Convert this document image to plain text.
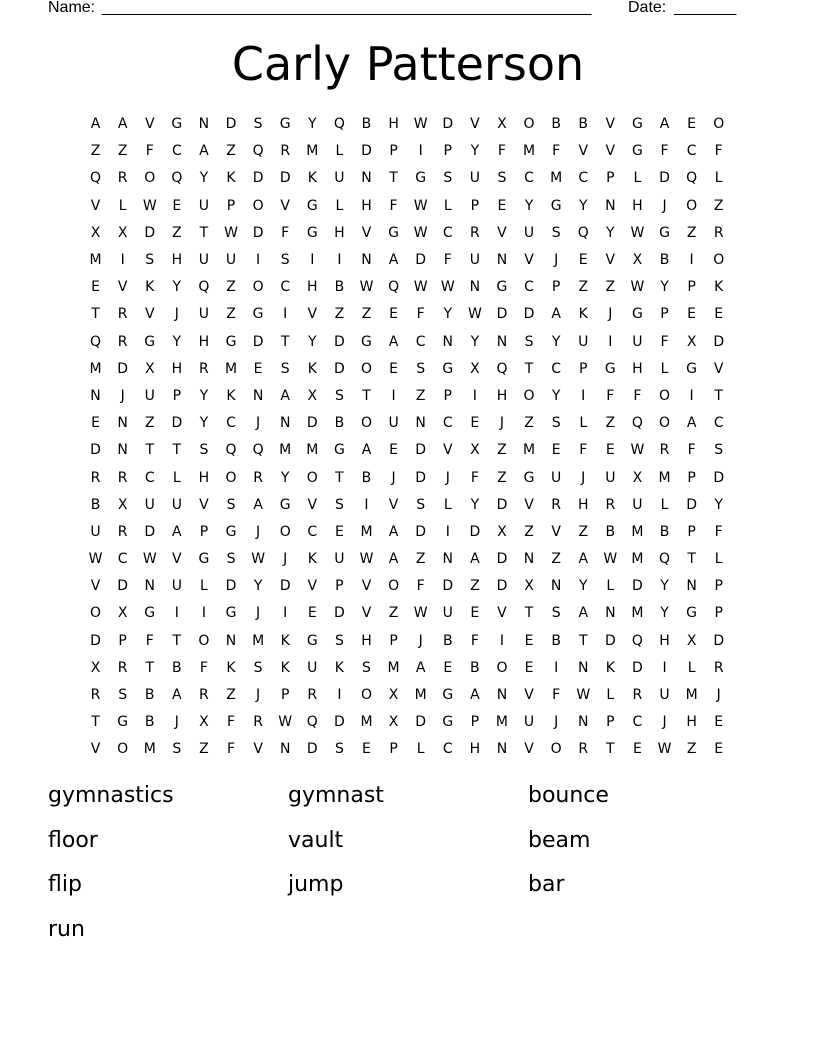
Name: _______________________________________________________ Date: _______
Carly Patterson
A	A	V	G	N	D	S	G	Y	Q	B	H	W	D	V	X	O	B	B	V	G	A	E	O
Z	Z	F	C	A	Z	Q	R	M	L	D	P	I	P	Y	F	M	F	V	V	G	F	C	F
Q	R	O	Q	Y	K	D	D	K	U	N	T	G	S	U	S	C	M	C	P	L	D	Q	L
V	L	W	E	U	P	O	V	G	L	H	F	W	L	P	E	Y	G	Y	N	H	J	O	Z
X	X	D	Z	T	W	D	F	G	H	V	G	W	C	R	V	U	S	Q	Y	W	G	Z	R
M	I	S	H	U	U	I	S	I	I	N	A	D	F	U	N	V	J	E	V	X	B	I	O
E	V	K	Y	Q	Z	O	C	H	B	W	Q	W W	N	G	C	P	Z	Z	W	Y	P	K
T	R	V	J	U	Z	G	I	V	Z	Z	E	F	Y	W	D	D	A	K	J	G	P	E	E
Q	R	G	Y	H	G	D	T	Y	D	G	A	C	N	Y	N	S	Y	U	I	U	F	X	D
M	D	X	H	R	M	E	S	K	D	O	E	S	G	X	Q	T	C	P	G	H	L	G	V
N	J	U	P	Y	K	N	A	X	S	T	I	Z	P	I	H	O	Y	I	F	F	O	I	T
E	N	Z	D	Y	C	J	N	D	B	O	U	N	C	E	J	Z	S	L	Z	Q	O	A	C
D	N	T	T	S	Q	Q	M	M	G	A	E	D	V	X	Z	M	E	F	E	W	R	F	S
R	R	C	L	H	O	R	Y	O	T	B	J	D	J	F	Z	G	U	J	U	X	M	P	D
B	X	U	U	V	S	A	G	V	S	I	V	S	L	Y	D	V	R	H	R	U	L	D	Y
U	R	D	A	P	G	J	O	C	E	M	A	D	I	D	X	Z	V	Z	B	M	B	P	F
W	C	W	V	G	S	W	J	K	U	W	A	Z	N	A	D	N	Z	A	W	M	Q	T	L
V	D	N	U	L	D	Y	D	V	P	V	O	F	D	Z	D	X	N	Y	L	D	Y	N	P
O	X	G	I	I	G	J	I	E	D	V	Z	W	U	E	V	T	S	A	N	M	Y	G	P
D	P	F	T	O	N	M	K	G	S	H	P	J	B	F	I	E	B	T	D	Q	H	X	D
X	R	T	B	F	K	S	K	U	K	S	M	A	E	B	O	E	I	N	K	D	I	L	R
R	S	B	A	R	Z	J	P	R	I	O	X	M	G	A	N	V	F	W	L	R	U	M	J
T	G	B	J	X	F	R	W	Q	D	M	X	D	G	P	M	U	J	N	P	C	J	H	E
V	O	M	S	Z	F	V	N	D	S	E	P	L	C	H	N	V	O	R	T	E	W	Z	E
gymnastics	gymnast	bounce
floor	vault	beam
flip	jump	bar
run
